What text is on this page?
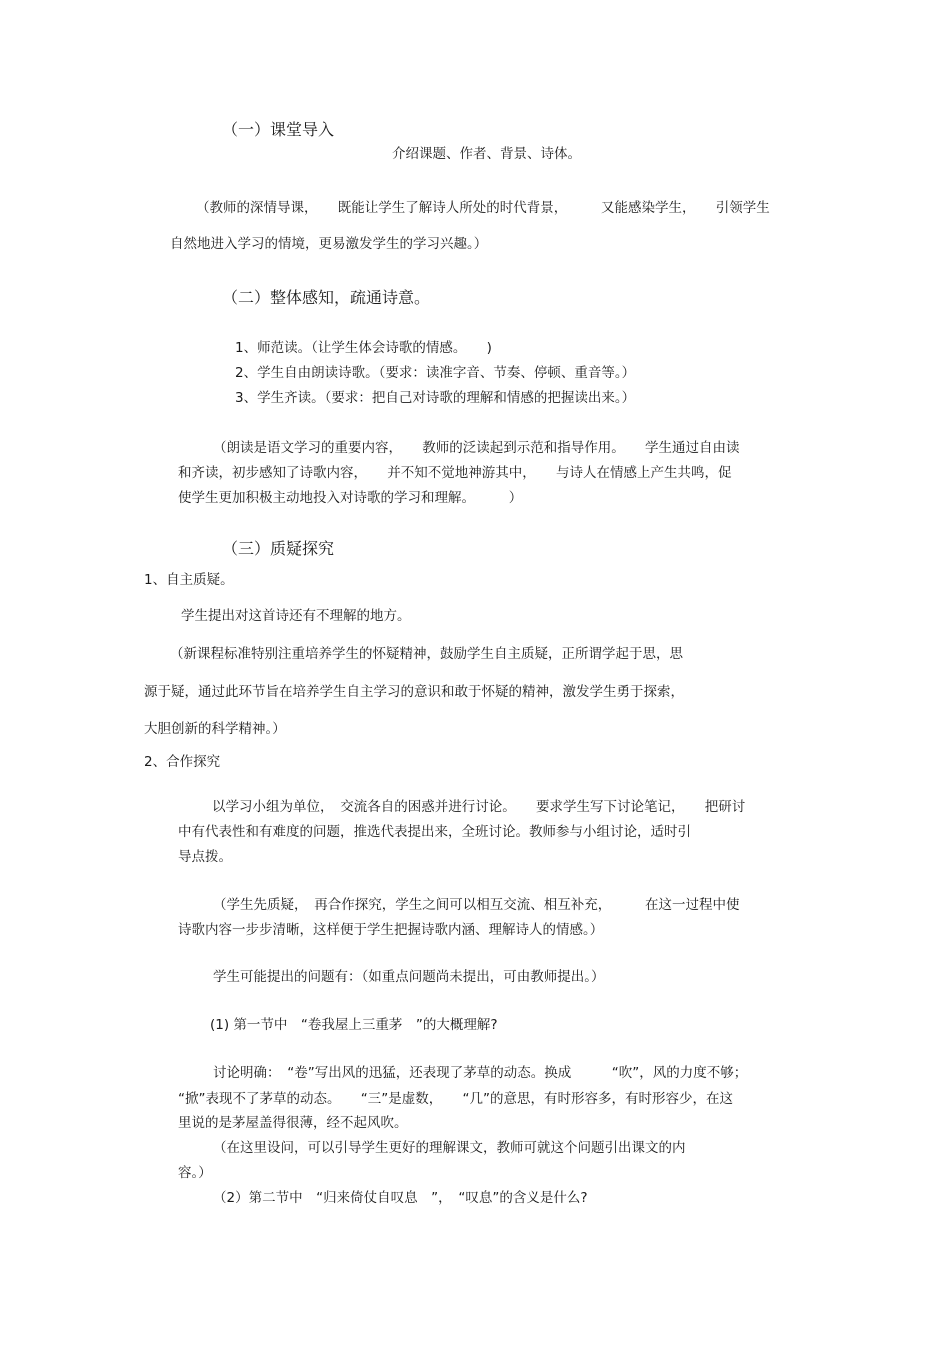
（一）课堂导入
介绍课题、作者、背景、诗体。
（教师的深情导课，　　既能让学生了解诗人所处的时代背景，　　　又能感染学生，　　引领学生
自然地进入学习的情境，更易激发学生的学习兴趣。）
（二）整体感知，疏通诗意。
1、师范读。（让学生体会诗歌的情感。　　)
2、学生自由朗读诗歌。（要求：读准字音、节奏、停顿、重音等。）
3、学生齐读。（要求：把自己对诗歌的理解和情感的把握读出来。）
（朗读是语文学习的重要内容，　　教师的泛读起到示范和指导作用。　　学生通过自由读
和齐读，初步感知了诗歌内容，　　并不知不觉地神游其中，　　与诗人在情感上产生共鸣，促
使学生更加积极主动地投入对诗歌的学习和理解。　　　）
（三）质疑探究
1、自主质疑。
学生提出对这首诗还有不理解的地方。
（新课程标准特别注重培养学生的怀疑精神，鼓励学生自主质疑，正所谓学起于思，思
源于疑，通过此环节旨在培养学生自主学习的意识和敢于怀疑的精神，激发学生勇于探索，
大胆创新的科学精神。）
2、合作探究
以学习小组为单位，　交流各自的困惑并进行讨论。　　要求学生写下讨论笔记，　　把研讨
中有代表性和有难度的问题，推选代表提出来，全班讨论。教师参与小组讨论，适时引
导点拨。
（学生先质疑，　再合作探究，学生之间可以相互交流、相互补充，　　　在这一过程中使
诗歌内容一步步清晰，这样便于学生把握诗歌内涵、理解诗人的情感。）
学生可能提出的问题有：（如重点问题尚未提出，可由教师提出。）
(1) 第一节中　“卷我屋上三重茅　”的大概理解?
讨论明确：　“卷”写出风的迅猛，还表现了茅草的动态。换成　　　“吹”，风的力度不够；
“掀”表现不了茅草的动态。　　“三”是虚数，　　“几”的意思，有时形容多，有时形容少，在这
里说的是茅屋盖得很薄，经不起风吹。
（在这里设问，可以引导学生更好的理解课文，教师可就这个问题引出课文的内
容。）
（2）第二节中　“归来倚仗自叹息　”，　“叹息”的含义是什么?
